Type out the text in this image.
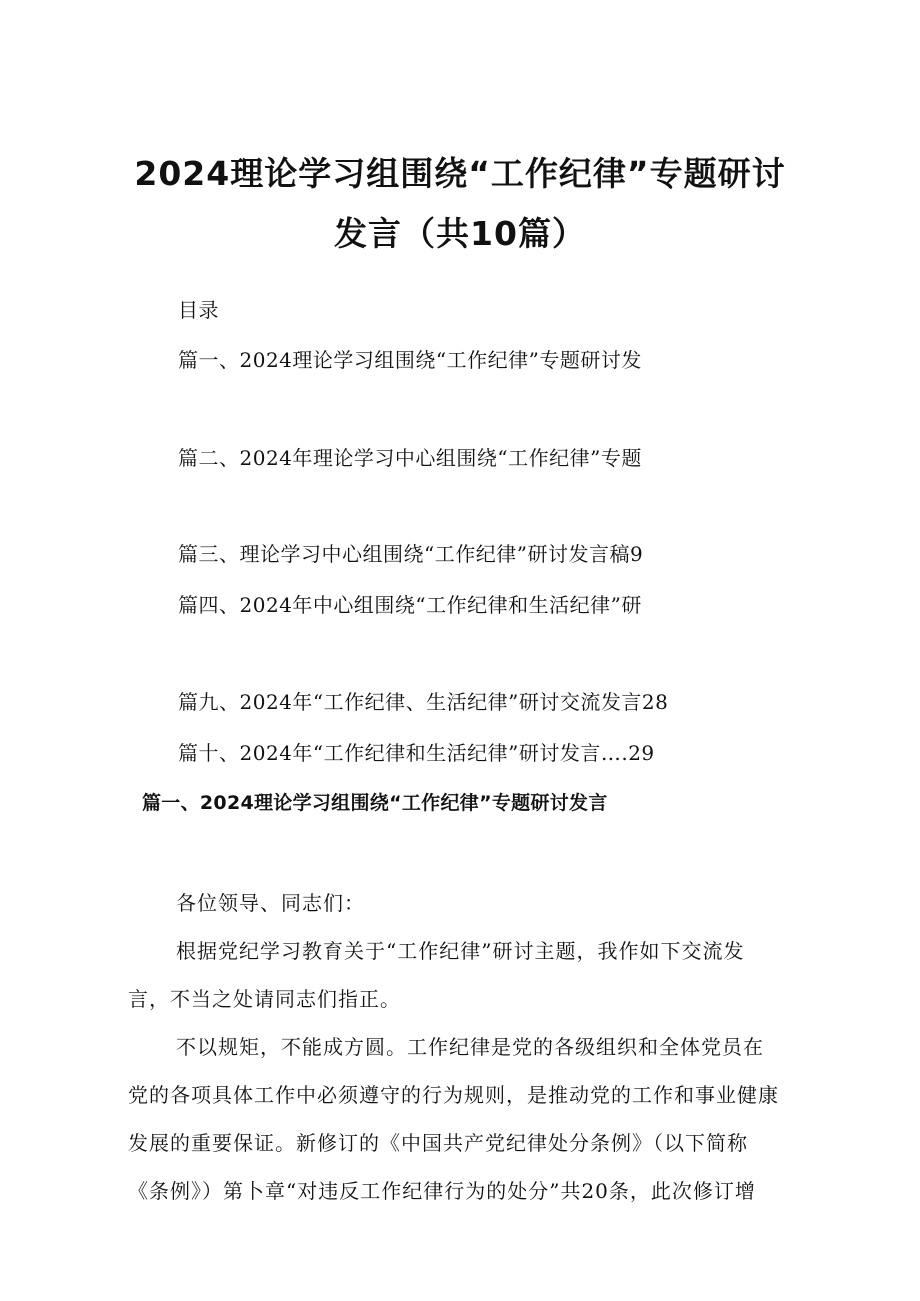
2024理论学习组围绕“工作纪律”专题研讨
发言（共10篇）
目录
篇一、2024理论学习组围绕“工作纪律”专题研讨发
篇二、2024年理论学习中心组围绕“工作纪律”专题
篇三、理论学习中心组围绕“工作纪律”研讨发言稿9
篇四、2024年中心组围绕“工作纪律和生活纪律”研
篇九、2024年“工作纪律、生活纪律”研讨交流发言28
篇十、2024年“工作纪律和生活纪律”研讨发言….29
篇一、2024理论学习组围绕“工作纪律”专题研讨发言
各位领导、同志们：
根据党纪学习教育关于“工作纪律”研讨主题，我作如下交流发
言，不当之处请同志们指正。
不以规矩，不能成方圆。工作纪律是党的各级组织和全体党员在
党的各项具体工作中必须遵守的行为规则，是推动党的工作和事业健康
发展的重要保证。新修订的《中国共产党纪律处分条例》（以下简称
《条例》）第卜章“对违反工作纪律行为的处分”共20条，此次修订增
